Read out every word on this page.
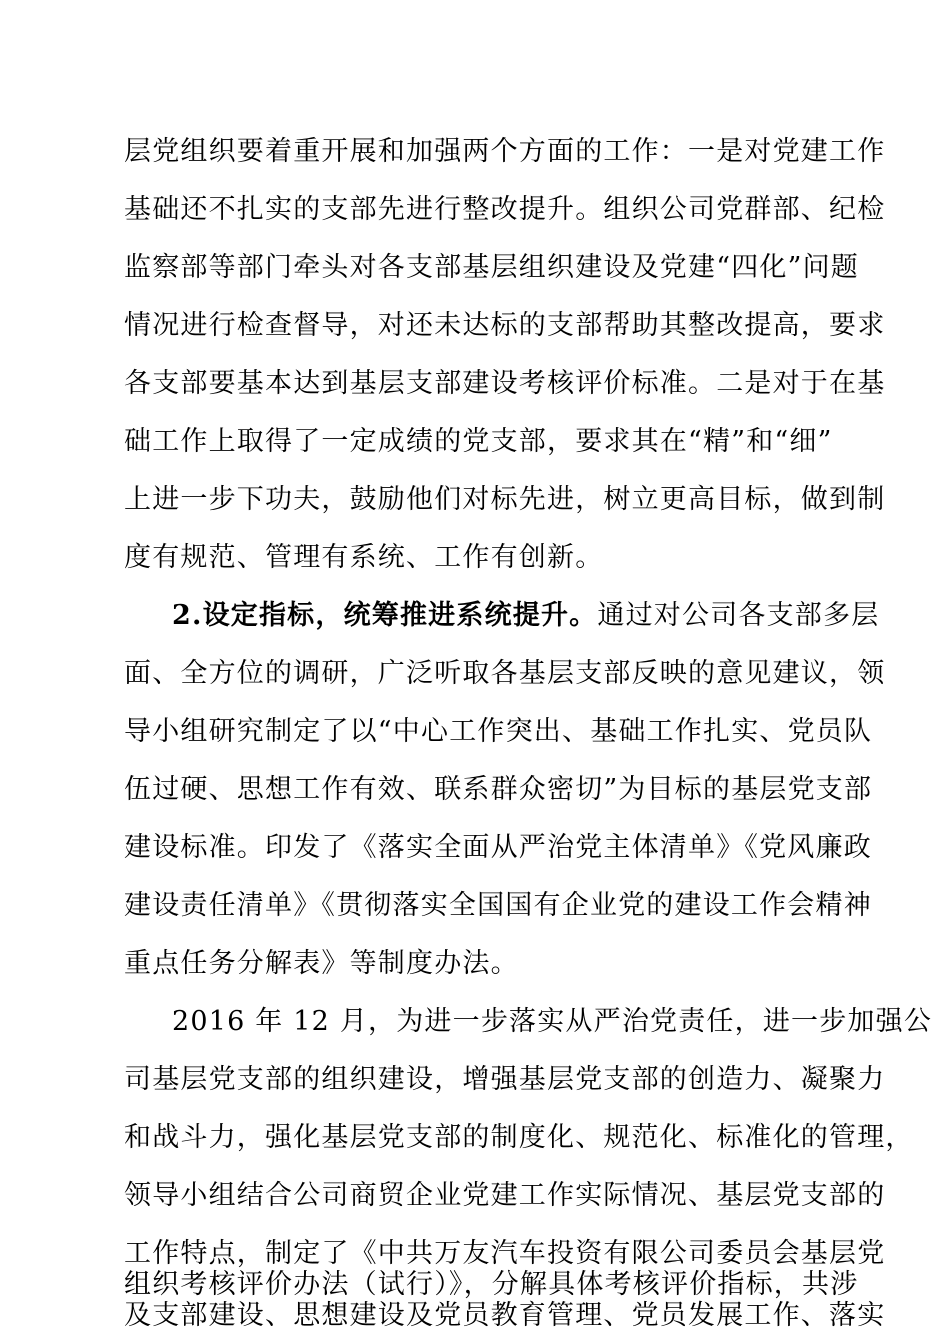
层党组织要着重开展和加强两个方面的工作：一是对党建工作
基础还不扎实的支部先进行整改提升。组织公司党群部、纪检
监察部等部门牵头对各支部基层组织建设及党建“四化”问题
情况进行检查督导，对还未达标的支部帮助其整改提高，要求
各支部要基本达到基层支部建设考核评价标准。二是对于在基
础工作上取得了一定成绩的党支部，要求其在“精”和“细”
上进一步下功夫，鼓励他们对标先进，树立更高目标，做到制
度有规范、管理有系统、工作有创新。
2.设定指标，统筹推进系统提升。通过对公司各支部多层
面、全方位的调研，广泛听取各基层支部反映的意见建议，领
导小组研究制定了以“中心工作突出、基础工作扎实、党员队
伍过硬、思想工作有效、联系群众密切”为目标的基层党支部
建设标准。印发了《落实全面从严治党主体清单》《党风廉政
建设责任清单》《贯彻落实全国国有企业党的建设工作会精神
重点任务分解表》等制度办法。
2016 年 12 月，为进一步落实从严治党责任，进一步加强公
司基层党支部的组织建设，增强基层党支部的创造力、凝聚力
和战斗力，强化基层党支部的制度化、规范化、标准化的管理，
领导小组结合公司商贸企业党建工作实际情况、基层党支部的
工作特点，制定了《中共万友汽车投资有限公司委员会基层党
组织考核评价办法（试行）》，分解具体考核评价指标，共涉
及支部建设、思想建设及党员教育管理、党员发展工作、落实
